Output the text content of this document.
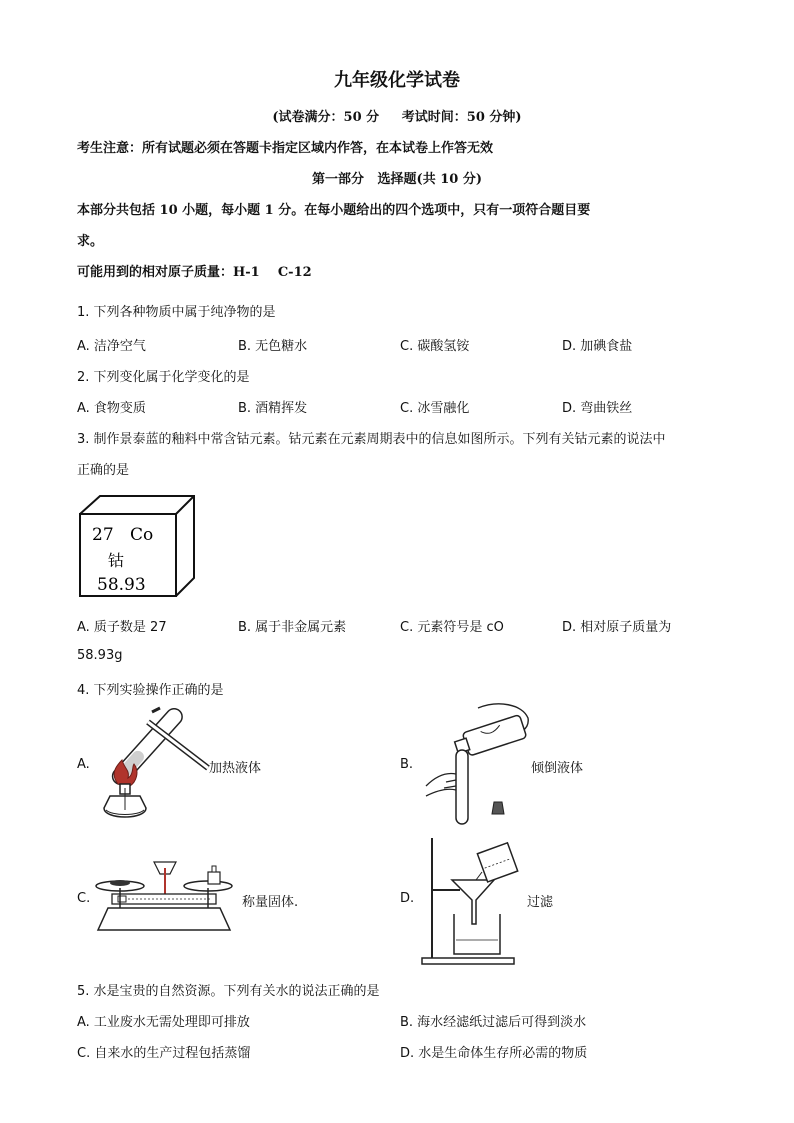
九年级化学试卷
(试卷满分：50 分     考试时间：50 分钟)
考生注意：所有试题必须在答题卡指定区域内作答，在本试卷上作答无效
第一部分   选择题(共 10 分)
本部分共包括 10 小题，每小题 1 分。在每小题给出的四个选项中，只有一项符合题目要
求。
可能用到的相对原子质量：H-1    C-12
1. 下列各种物质中属于纯净物的是
A. 洁净空气	B. 无色糖水	C. 碳酸氢铵	D. 加碘食盐
2. 下列变化属于化学变化的是
A. 食物变质	B. 酒精挥发	C. 冰雪融化	D. 弯曲铁丝
3. 制作景泰蓝的釉料中常含钴元素。钴元素在元素周期表中的信息如图所示。下列有关钴元素的说法中
正确的是
27 Co
钴
58.93
A. 质子数是 27	B. 属于非金属元素	C. 元素符号是 cO	D. 相对原子质量为
58.93g
4. 下列实验操作正确的是
A.	加热液体	B.	倾倒液体
C.	称量固体.	D.	过滤
5. 水是宝贵的自然资源。下列有关水的说法正确的是
A. 工业废水无需处理即可排放	B. 海水经滤纸过滤后可得到淡水
C. 自来水的生产过程包括蒸馏	D. 水是生命体生存所必需的物质
